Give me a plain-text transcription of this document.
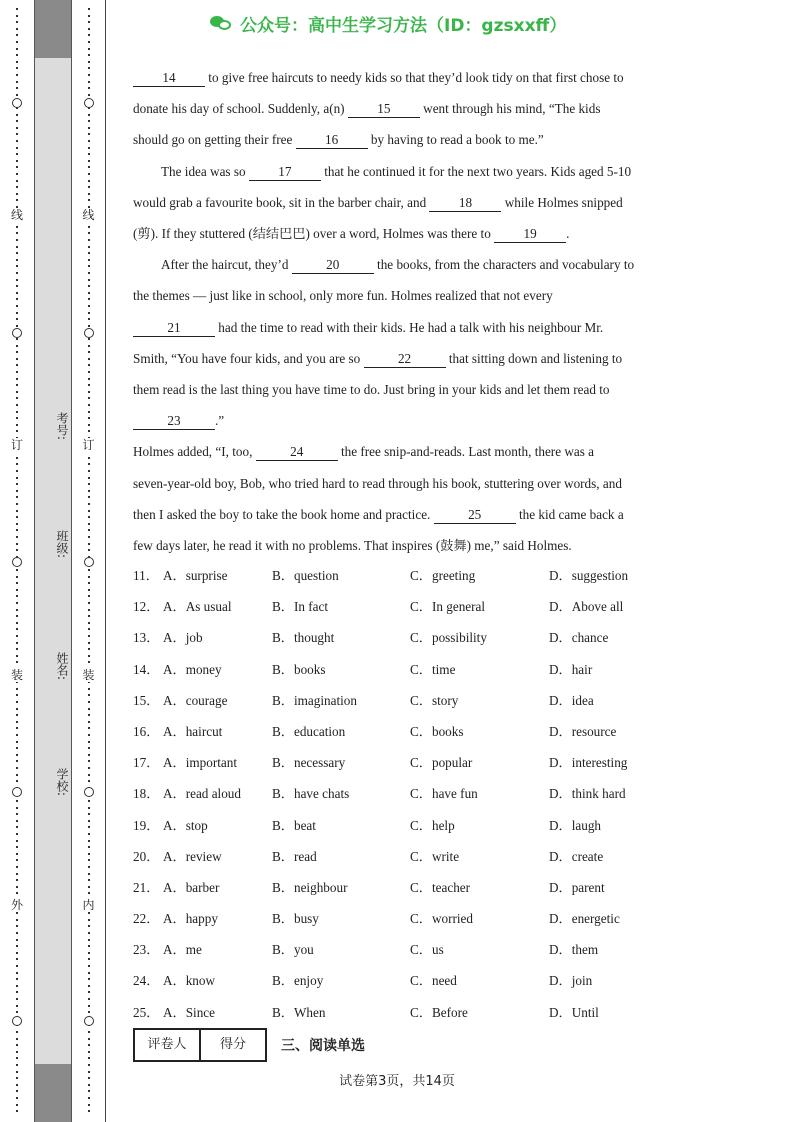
线
订
装
外
考号:
班级:
姓名:
学校:
线
订
装
内
公众号：高中生学习方法（ID：gzsxxff）

14 to give free haircuts to needy kids so that they’d look tidy on that first chose to

donate his day of school. Suddenly, a(n) 15 went through his mind, “The kids

should go on getting their free 16 by having to read a book to me.”

The idea was so 17 that he continued it for the next two years. Kids aged 5-10

would grab a favourite book, sit in the barber chair, and 18 while Holmes snipped

(剪). If they stuttered (结结巴巴) over a word, Holmes was there to 19 .

After the haircut, they’d	20	the books, from the characters and vocabulary to

the themes — just like in school, only more fun. Holmes realized that not every

21	had the time to read with their kids. He had a talk with his neighbour Mr.

Smith, “You have four kids, and you are so	22	that sitting down and listening to

them read is the last thing you have time to do. Just bring in your kids and let them read to

23	.”

Holmes added, “I, too,	24	the free snip-and-reads. Last month, there was a

seven-year-old boy, Bob, who tried hard to read through his book, stuttering over words, and

then I asked the boy to take the book home and practice.	25	the kid came back a

few days later, he read it with no problems. That inspires (鼓舞) me,” said Holmes.

11． A．surprise	B．question	C．greeting	D．suggestion
12． A．As usual	B．In fact	C．In general	D．Above all
13． A．job	B．thought	C．possibility	D．chance
14． A．money	B．books	C．time	D．hair
15． A．courage	B．imagination	C．story	D．idea
16． A．haircut	B．education	C．books	D．resource
17． A．important	B．necessary	C．popular	D．interesting
18． A．read aloud B．have chats	C．have fun	D．think hard
19． A．stop	B．beat	C．help	D．laugh
20． A．review	B．read	C．write	D．create
21． A．barber	B．neighbour	C．teacher	D．parent
22． A．happy	B．busy	C．worried	D．energetic
23． A．me	B．you	C．us	D．them
24． A．know	B．enjoy	C．need	D．join
25． A．Since	B．When	C．Before	D．Until
评卷人	得分	三、阅读单选
试卷第3页，共14页
